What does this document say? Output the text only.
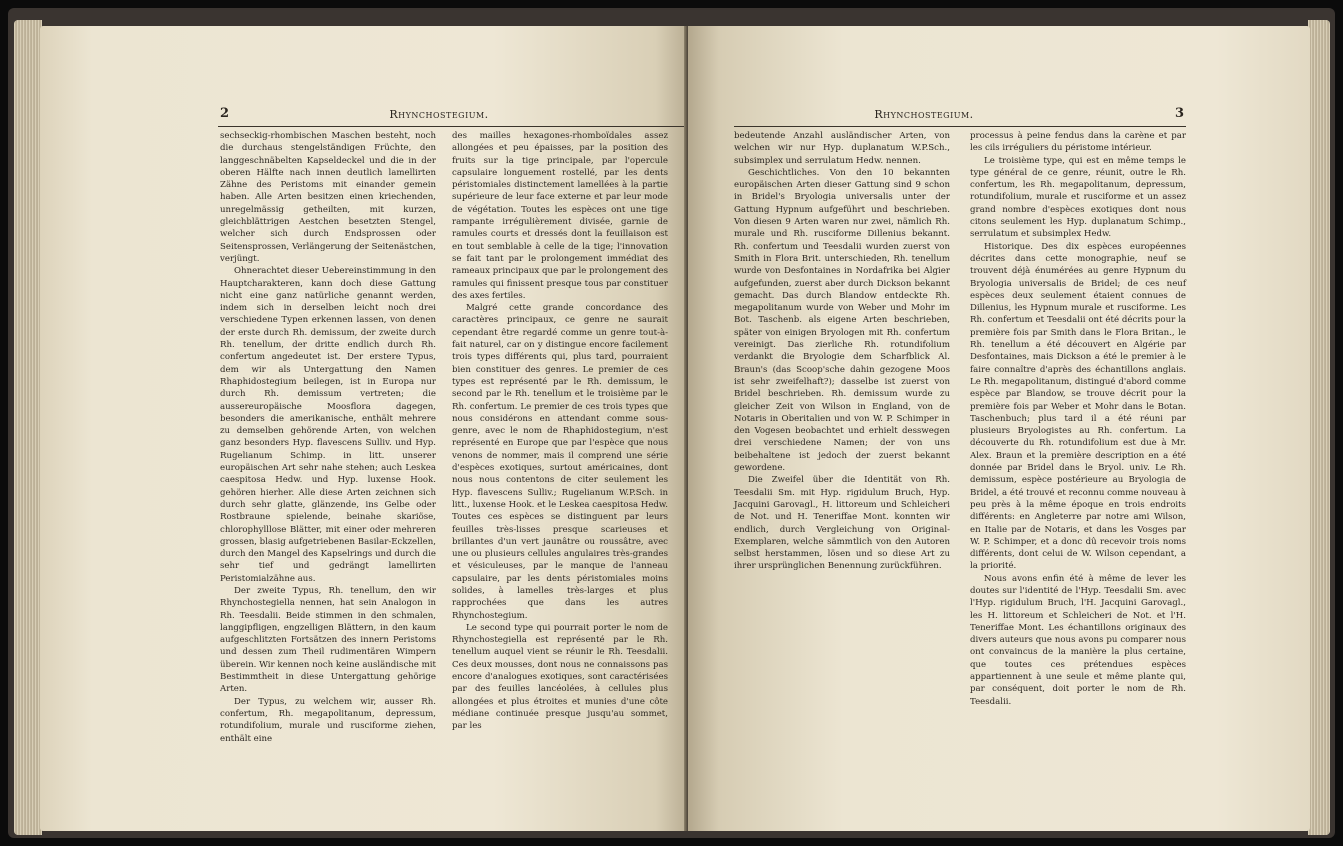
2	Rhynchostegium.

sechseckig-rhombischen Maschen besteht, noch die durchaus stengelständigen Früchte, den langgeschnäbelten Kapseldeckel und die in der oberen Hälfte nach innen deutlich lamellirten Zähne des Peristoms mit einander gemein haben. Alle Arten besitzen einen kriechenden, unregelmässig getheilten, mit kurzen, gleichblättrigen Aestchen besetzten Stengel, welcher sich durch Endsprossen oder Seitensprossen, Verlängerung der Seitenästchen, verjüngt.

Ohnerachtet dieser Uebereinstimmung in den Hauptcharakteren, kann doch diese Gattung nicht eine ganz natürliche genannt werden, indem sich in derselben leicht noch drei verschiedene Typen erkennen lassen, von denen der erste durch Rh. demissum, der zweite durch Rh. tenellum, der dritte endlich durch Rh. confertum angedeutet ist. Der erstere Typus, dem wir als Untergattung den Namen Rhaphidostegium beilegen, ist in Europa nur durch Rh. demissum vertreten; die aussereuropäische Moosflora dagegen, besonders die amerikanische, enthält mehrere zu demselben gehörende Arten, von welchen ganz besonders Hyp. flavescens Sulliv. und Hyp. Rugelianum Schimp. in litt. unserer europäischen Art sehr nahe stehen; auch Leskea caespitosa Hedw. und Hyp. luxense Hook. gehören hierher. Alle diese Arten zeichnen sich durch sehr glatte, glänzende, ins Gelbe oder Rostbraune spielende, beinahe skariöse, chlorophylllose Blätter, mit einer oder mehreren grossen, blasig aufgetriebenen Basilar-Eckzellen, durch den Mangel des Kapselrings und durch die sehr tief und gedrängt lamellirten Peristomialzähne aus.

Der zweite Typus, Rh. tenellum, den wir Rhynchostegiella nennen, hat sein Analogon in Rh. Teesdalii. Beide stimmen in den schmalen, langgipfligen, engzelligen Blättern, in den kaum aufgeschlitzten Fortsätzen des innern Peristoms und dessen zum Theil rudimentären Wimpern überein. Wir kennen noch keine ausländische mit Bestimmtheit in diese Untergattung gehörige Arten.

Der Typus, zu welchem wir, ausser Rh. confertum, Rh. megapolitanum, depressum, rotundifolium, murale und rusciforme ziehen, enthält eine

des mailles hexagones-rhomboïdales assez allongées et peu épaisses, par la position des fruits sur la tige principale, par l'opercule capsulaire longuement rostellé, par les dents péristomiales distinctement lamellées à la partie supérieure de leur face externe et par leur mode de végétation. Toutes les espèces ont une tige rampante irrégulièrement divisée, garnie de ramules courts et dressés dont la feuillaison est en tout semblable à celle de la tige; l'innovation se fait tant par le prolongement immédiat des rameaux principaux que par le prolongement des ramules qui finissent presque tous par constituer des axes fertiles.

Malgré cette grande concordance des caractères principaux, ce genre ne saurait cependant être regardé comme un genre tout-à-fait naturel, car on y distingue encore facilement trois types différents qui, plus tard, pourraient bien constituer des genres. Le premier de ces types est représenté par le Rh. demissum, le second par le Rh. tenellum et le troisième par le Rh. confertum. Le premier de ces trois types que nous considérons en attendant comme sous-genre, avec le nom de Rhaphidostegium, n'est représenté en Europe que par l'espèce que nous venons de nommer, mais il comprend une série d'espèces exotiques, surtout américaines, dont nous nous contentons de citer seulement les Hyp. flavescens Sulliv.; Rugelianum W.P.Sch. in litt., luxense Hook. et le Leskea caespitosa Hedw. Toutes ces espèces se distinguent par leurs feuilles très-lisses presque scarieuses et brillantes d'un vert jaunâtre ou roussâtre, avec une ou plusieurs cellules angulaires très-grandes et vésiculeuses, par le manque de l'anneau capsulaire, par les dents péristomiales moins solides, à lamelles très-larges et plus rapprochées que dans les autres Rhynchostegium.

Le second type qui pourrait porter le nom de Rhynchostegiella est représenté par le Rh. tenellum auquel vient se réunir le Rh. Teesdalii. Ces deux mousses, dont nous ne connaissons pas encore d'analogues exotiques, sont caractérisées par des feuilles lancéolées, à cellules plus allongées et plus étroites et munies d'une côte médiane continuée presque jusqu'au sommet, par les

Rhynchostegium.	3

bedeutende Anzahl ausländischer Arten, von welchen wir nur Hyp. duplanatum W.P.Sch., subsimplex und serrulatum Hedw. nennen.

Geschichtliches. Von den 10 bekannten europäischen Arten dieser Gattung sind 9 schon in Bridel's Bryologia universalis unter der Gattung Hypnum aufgeführt und beschrieben. Von diesen 9 Arten waren nur zwei, nämlich Rh. murale und Rh. rusciforme Dillenius bekannt. Rh. confertum und Teesdalii wurden zuerst von Smith in Flora Brit. unterschieden, Rh. tenellum wurde von Desfontaines in Nordafrika bei Algier aufgefunden, zuerst aber durch Dickson bekannt gemacht. Das durch Blandow entdeckte Rh. megapolitanum wurde von Weber und Mohr im Bot. Taschenb. als eigene Arten beschrieben, später von einigen Bryologen mit Rh. confertum vereinigt. Das zierliche Rh. rotundifolium verdankt die Bryologie dem Scharfblick Al. Braun's (das Scoop'sche dahin gezogene Moos ist sehr zweifelhaft?); dasselbe ist zuerst von Bridel beschrieben. Rh. demissum wurde zu gleicher Zeit von Wilson in England, von de Notaris in Oberitalien und von W. P. Schimper in den Vogesen beobachtet und erhielt desswegen drei verschiedene Namen; der von uns beibehaltene ist jedoch der zuerst bekannt gewordene.

Die Zweifel über die Identität von Rh. Teesdalii Sm. mit Hyp. rigidulum Bruch, Hyp. Jacquini Garovagl., H. littoreum und Schleicheri de Not. und H. Teneriffae Mont. konnten wir endlich, durch Vergleichung von Original-Exemplaren, welche sämmtlich von den Autoren selbst herstammen, lösen und so diese Art zu ihrer ursprünglichen Benennung zurückführen.

processus à peine fendus dans la carène et par les cils irréguliers du péristome intérieur.

Le troisième type, qui est en même temps le type général de ce genre, réunit, outre le Rh. confertum, les Rh. megapolitanum, depressum, rotundifolium, murale et rusciforme et un assez grand nombre d'espèces exotiques dont nous citons seulement les Hyp. duplanatum Schimp., serrulatum et subsimplex Hedw.

Historique. Des dix espèces européennes décrites dans cette monographie, neuf se trouvent déjà énumérées au genre Hypnum du Bryologia universalis de Bridel; de ces neuf espèces deux seulement étaient connues de Dillenius, les Hypnum murale et rusciforme. Les Rh. confertum et Teesdalii ont été décrits pour la première fois par Smith dans le Flora Britan., le Rh. tenellum a été découvert en Algérie par Desfontaines, mais Dickson a été le premier à le faire connaître d'après des échantillons anglais. Le Rh. megapolitanum, distingué d'abord comme espèce par Blandow, se trouve décrit pour la première fois par Weber et Mohr dans le Botan. Taschenbuch; plus tard il a été réuni par plusieurs Bryologistes au Rh. confertum. La découverte du Rh. rotundifolium est due à Mr. Alex. Braun et la première description en a été donnée par Bridel dans le Bryol. univ. Le Rh. demissum, espèce postérieure au Bryologia de Bridel, a été trouvé et reconnu comme nouveau à peu près à la même époque en trois endroits différents: en Angleterre par notre ami Wilson, en Italie par de Notaris, et dans les Vosges par W. P. Schimper, et a donc dû recevoir trois noms différents, dont celui de W. Wilson cependant, a la priorité.

Nous avons enfin été à même de lever les doutes sur l'identité de l'Hyp. Teesdalii Sm. avec l'Hyp. rigidulum Bruch, l'H. Jacquini Garovagl., les H. littoreum et Schleicheri de Not. et l'H. Teneriffae Mont. Les échantillons originaux des divers auteurs que nous avons pu comparer nous ont convaincus de la manière la plus certaine, que toutes ces prétendues espèces appartiennent à une seule et même plante qui, par conséquent, doit porter le nom de Rh. Teesdalii.
